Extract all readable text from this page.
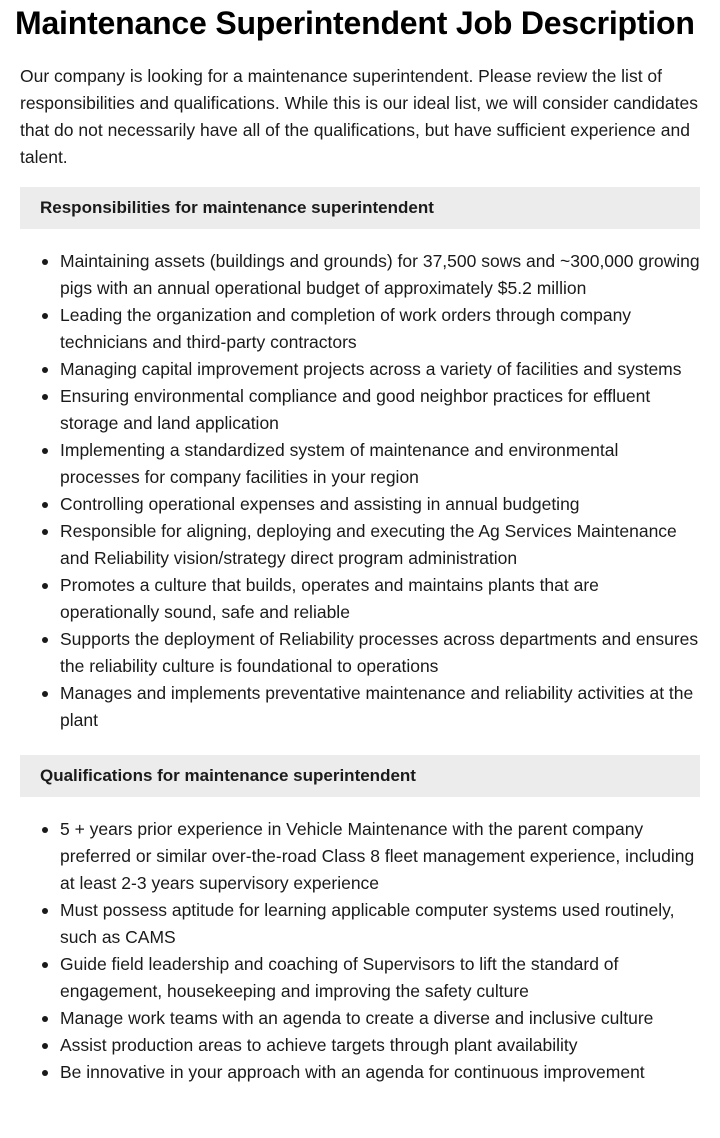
Maintenance Superintendent Job Description

Our company is looking for a maintenance superintendent. Please review the list of responsibilities and qualifications. While this is our ideal list, we will consider candidates that do not necessarily have all of the qualifications, but have sufficient experience and talent.

Responsibilities for maintenance superintendent
Maintaining assets (buildings and grounds) for 37,500 sows and ~300,000 growing pigs with an annual operational budget of approximately $5.2 million
Leading the organization and completion of work orders through company technicians and third-party contractors
Managing capital improvement projects across a variety of facilities and systems
Ensuring environmental compliance and good neighbor practices for effluent storage and land application
Implementing a standardized system of maintenance and environmental processes for company facilities in your region
Controlling operational expenses and assisting in annual budgeting
Responsible for aligning, deploying and executing the Ag Services Maintenance and Reliability vision/strategy direct program administration
Promotes a culture that builds, operates and maintains plants that are operationally sound, safe and reliable
Supports the deployment of Reliability processes across departments and ensures the reliability culture is foundational to operations
Manages and implements preventative maintenance and reliability activities at the plant
Qualifications for maintenance superintendent
5 + years prior experience in Vehicle Maintenance with the parent company preferred or similar over-the-road Class 8 fleet management experience, including at least 2-3 years supervisory experience
Must possess aptitude for learning applicable computer systems used routinely, such as CAMS
Guide field leadership and coaching of Supervisors to lift the standard of engagement, housekeeping and improving the safety culture
Manage work teams with an agenda to create a diverse and inclusive culture
Assist production areas to achieve targets through plant availability
Be innovative in your approach with an agenda for continuous improvement
